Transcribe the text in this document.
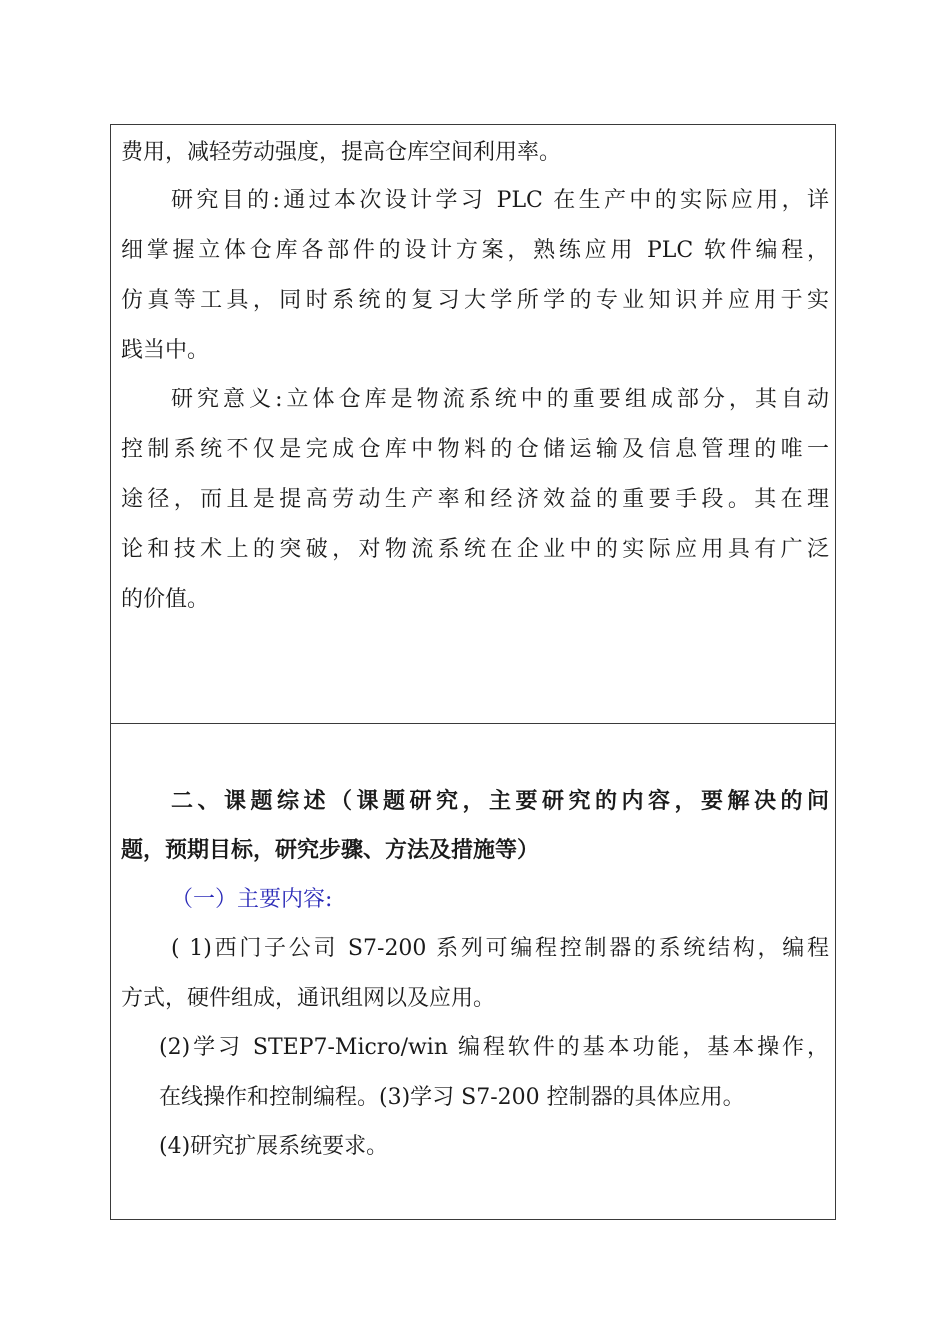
费用，减轻劳动强度，提高仓库空间利用率。
研究目的:通过本次设计学习 PLC 在生产中的实际应用，详
细掌握立体仓库各部件的设计方案，熟练应用 PLC 软件编程，
仿真等工具，同时系统的复习大学所学的专业知识并应用于实
践当中。
研究意义:立体仓库是物流系统中的重要组成部分，其自动
控制系统不仅是完成仓库中物料的仓储运输及信息管理的唯一
途径，而且是提高劳动生产率和经济效益的重要手段。其在理
论和技术上的突破，对物流系统在企业中的实际应用具有广泛
的价值。
二、课题综述（课题研究，主要研究的内容，要解决的问
题，预期目标，研究步骤、方法及措施等）
（一）主要内容:
( 1)西门子公司 S7-200 系列可编程控制器的系统结构，编程
方式，硬件组成，通讯组网以及应用。
(2)学习 STEP7-Micro/win 编程软件的基本功能，基本操作，
在线操作和控制编程。(3)学习 S7-200 控制器的具体应用。
(4)研究扩展系统要求。
